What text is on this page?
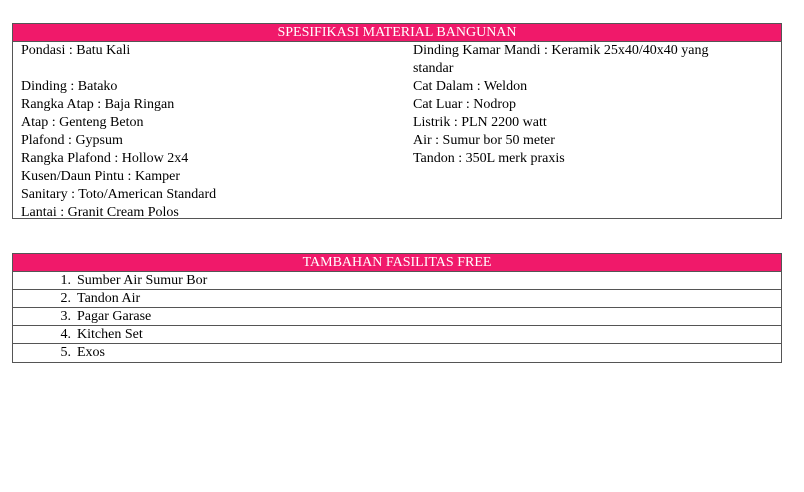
SPESIFIKASI MATERIAL BANGUNAN
Pondasi : Batu Kali
Dinding : Batako
Rangka Atap : Baja Ringan
Atap : Genteng Beton
Plafond : Gypsum
Rangka Plafond : Hollow 2x4
Kusen/Daun Pintu : Kamper
Sanitary : Toto/American Standard
Lantai : Granit Cream Polos
Dinding Kamar Mandi : Keramik 25x40/40x40 yang
standar
Cat Dalam : Weldon
Cat Luar : Nodrop
Listrik : PLN 2200 watt
Air : Sumur bor 50 meter
Tandon : 350L merk praxis
TAMBAHAN FASILITAS FREE
1. Sumber Air Sumur Bor
2. Tandon Air
3. Pagar Garase
4. Kitchen Set
5. Exos
